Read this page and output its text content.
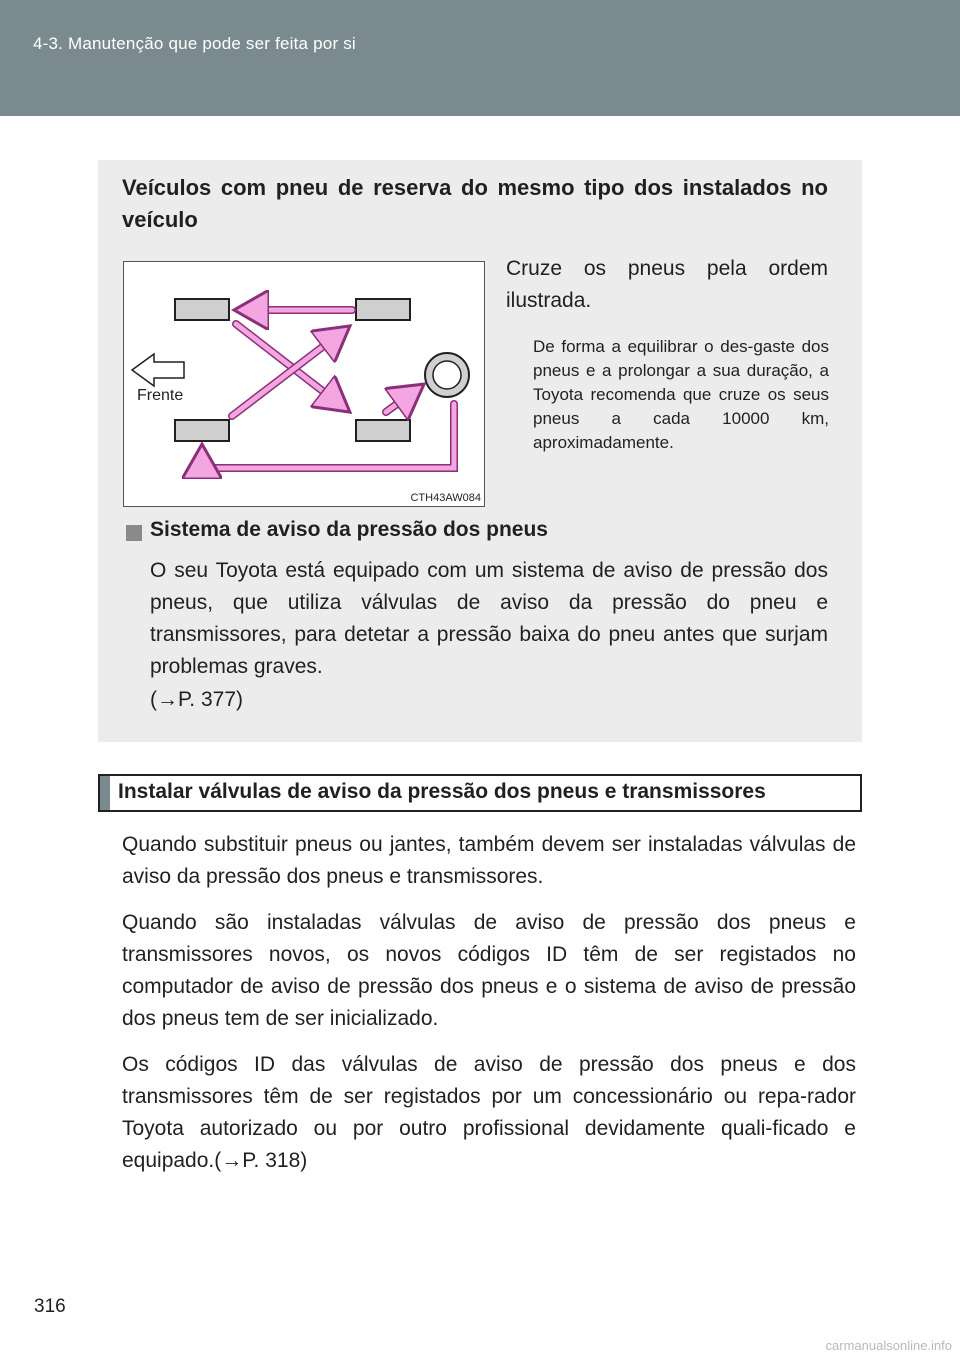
4-3. Manutenção que pode ser feita por si
Veículos com pneu de reserva do mesmo tipo dos instalados no veículo
Frente
CTH43AW084
Cruze os pneus pela ordem ilustrada.
De forma a equilibrar o des-gaste dos pneus e a prolongar a sua duração, a Toyota recomenda que cruze os seus pneus a cada 10000 km, aproximadamente.
Sistema de aviso da pressão dos pneus
O seu Toyota está equipado com um sistema de aviso de pressão dos pneus, que utiliza válvulas de aviso da pressão do pneu e transmissores, para detetar a pressão baixa do pneu antes que surjam problemas graves.
(→P. 377)
Instalar válvulas de aviso da pressão dos pneus e transmissores
Quando substituir pneus ou jantes, também devem ser instaladas válvulas de aviso da pressão dos pneus e transmissores.
Quando são instaladas válvulas de aviso de pressão dos pneus e transmissores novos, os novos códigos ID têm de ser registados no computador de aviso de pressão dos pneus e o sistema de aviso de pressão dos pneus tem de ser inicializado.
Os códigos ID das válvulas de aviso de pressão dos pneus e dos transmissores têm de ser registados por um concessionário ou repa-rador Toyota autorizado ou por outro profissional devidamente quali-ficado e equipado.(→P. 318)
316
carmanualsonline.info
